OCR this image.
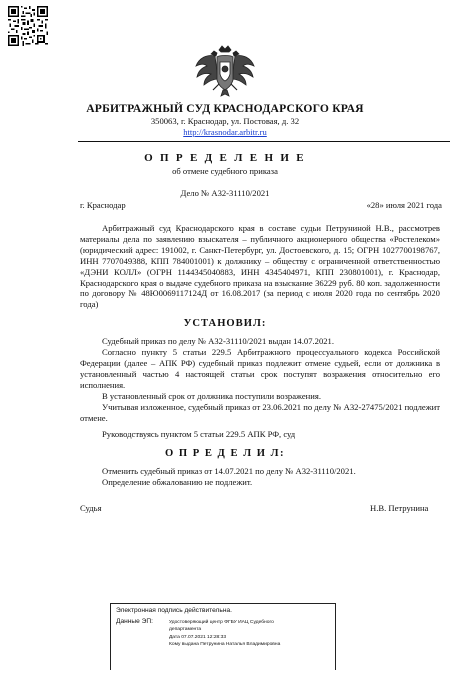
АРБИТРАЖНЫЙ СУД КРАСНОДАРСКОГО КРАЯ
350063, г. Краснодар, ул. Постовая, д. 32
http://krasnodar.arbitr.ru
О П Р Е Д Е Л Е Н И Е
об отмене судебного приказа
Дело № А32-31110/2021
г. Краснодар	«28» июля 2021 года
Арбитражный суд Краснодарского края в составе судьи Петруниной Н.В., рассмотрев материалы дела по заявлению взыскателя – публичного акционерного общества «Ростелеком» (юридический адрес: 191002, г. Санкт-Петербург, ул. Достоевского, д. 15; ОГРН 1027700198767, ИНН 7707049388, КПП 784001001) к должнику – обществу с ограниченной ответственностью «ДЭНИ КОЛЛ» (ОГРН 1144345040883, ИНН 4345404971, КПП 230801001), г. Краснодар, Краснодарского края о выдаче судебного приказа на взыскание 36229 руб. 80 коп. задолженности по договору № 48Ю0069117124Д от 16.08.2017 (за период с июля 2020 года по сентябрь 2020 года)
УСТАНОВИЛ:
Судебный приказ по делу № А32-31110/2021 выдан 14.07.2021.
Согласно пункту 5 статьи 229.5 Арбитражного процессуального кодекса Российской Федерации (далее – АПК РФ) судебный приказ подлежит отмене судьей, если от должника в установленный частью 4 настоящей статьи срок поступят возражения относительно его исполнения.
В установленный срок от должника поступили возражения.
Учитывая изложенное, судебный приказ от 23.06.2021 по делу № А32-27475/2021 подлежит отмене.
Руководствуясь пунктом 5 статьи 229.5 АПК РФ, суд
О П Р Е Д Е Л И Л:
Отменить судебный приказ от 14.07.2021 по делу № А32-31110/2021.
Определение обжалованию не подлежит.
Судья	Н.В. Петрунина
Электронная подпись действительна.
Данные ЭП:	Удостоверяющий центр ФГБУ ИАЦ Судебного
департамента
Дата 07.07.2021 12:28:33
Кому выдана Петрунина Наталья Владимировна
